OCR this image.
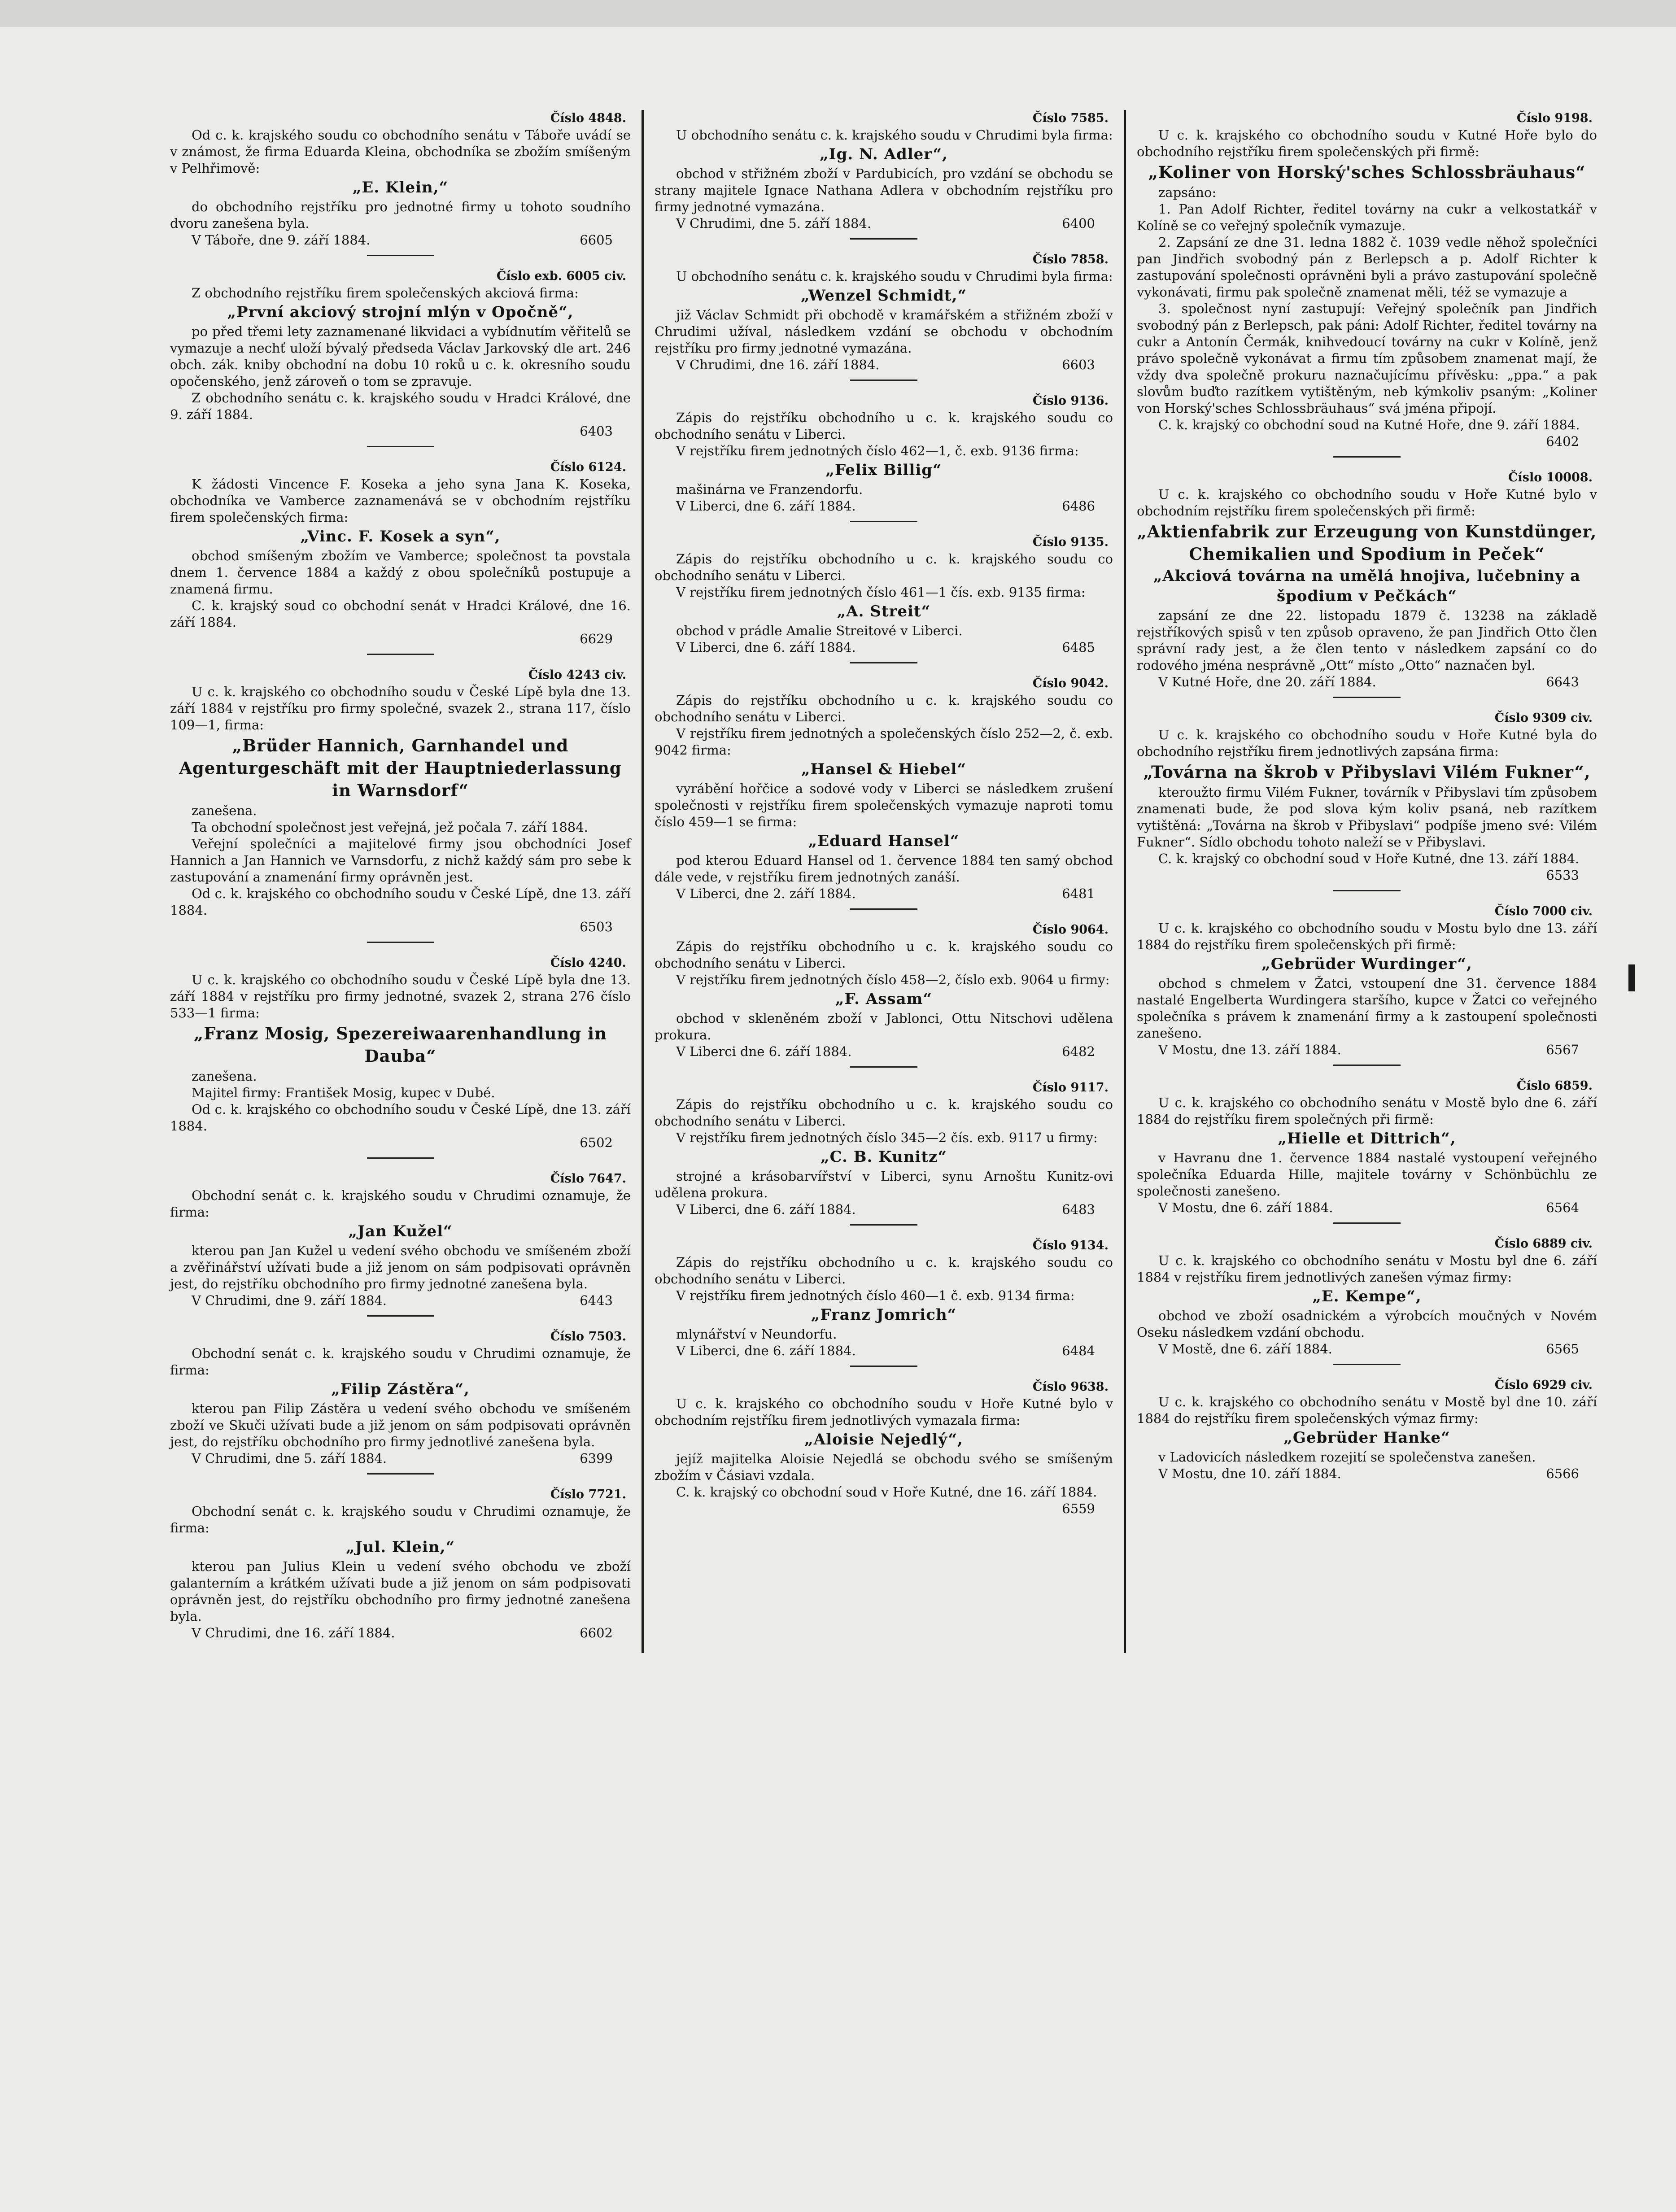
Číslo 4848.

Od c. k. krajského soudu co obchodního senátu v Táboře uvádí se v známost, že firma Eduarda Kleina, obchodníka se zbožím smíšeným v Pelhřimově:

„E. Klein,“

do obchodního rejstříku pro jednotné firmy u tohoto soudního dvoru zanešena byla.

V Táboře, dne 9. září 1884.	6605
Číslo exb. 6005 civ.

Z obchodního rejstříku firem společenských akciová firma:

„První akciový strojní mlýn v Opočně“,

po před třemi lety zaznamenané likvidaci a vybídnutím věřitelů se vymazuje a nechť uloží bývalý předseda Václav Jarkovský dle art. 246 obch. zák. kniby obchodní na dobu 10 roků u c. k. okresního soudu opočenského, jenž zároveň o tom se zpravuje.

Z obchodního senátu c. k. krajského soudu v Hradci Králové, dne 9. září 1884.

6403
Číslo 6124.

K žádosti Vincence F. Koseka a jeho syna Jana K. Koseka, obchodníka ve Vamberce zaznamenává se v obchodním rejstříku firem společenských firma:

„Vinc. F. Kosek a syn“,

obchod smíšeným zbožím ve Vamberce; společnost ta povstala dnem 1. července 1884 a každý z obou společníků postupuje a znamená firmu.

C. k. krajský soud co obchodní senát v Hradci Králové, dne 16. září 1884.

6629
Číslo 4243 civ.

U c. k. krajského co obchodního soudu v České Lípě byla dne 13. září 1884 v rejstříku pro firmy společné, svazek 2., strana 117, číslo 109—1, firma:

„Brüder Hannich, Garnhandel und Agenturgeschäft mit der Hauptniederlassung in Warnsdorf“

zanešena.

Ta obchodní společnost jest veřejná, jež počala 7. září 1884.

Veřejní společníci a majitelové firmy jsou obchodníci Josef Hannich a Jan Hannich ve Varnsdorfu, z nichž každý sám pro sebe k zastupování a znamenání firmy oprávněn jest.

Od c. k. krajského co obchodního soudu v České Lípě, dne 13. září 1884.

6503
Číslo 4240.

U c. k. krajského co obchodního soudu v České Lípě byla dne 13. září 1884 v rejstříku pro firmy jednotné, svazek 2, strana 276 číslo 533—1 firma:

„Franz Mosig, Spezereiwaarenhandlung in Dauba“

zanešena.

Majitel firmy: František Mosig, kupec v Dubé.

Od c. k. krajského co obchodního soudu v České Lípě, dne 13. září 1884.

6502
Číslo 7647.

Obchodní senát c. k. krajského soudu v Chrudimi oznamuje, že firma:

„Jan Kužel“

kterou pan Jan Kužel u vedení svého obchodu ve smíšeném zboží a zvěřinářství užívati bude a již jenom on sám podpisovati oprávněn jest, do rejstříku obchodního pro firmy jednotné zanešena byla.

V Chrudimi, dne 9. září 1884.	6443
Číslo 7503.

Obchodní senát c. k. krajského soudu v Chrudimi oznamuje, že firma:

„Filip Zástěra“,

kterou pan Filip Zástěra u vedení svého obchodu ve smíšeném zboží ve Skuči užívati bude a již jenom on sám podpisovati oprávněn jest, do rejstříku obchodního pro firmy jednotlivé zanešena byla.

V Chrudimi, dne 5. září 1884.	6399
Číslo 7721.

Obchodní senát c. k. krajského soudu v Chrudimi oznamuje, že firma:

„Jul. Klein,“

kterou pan Julius Klein u vedení svého obchodu ve zboží galanterním a krátkém užívati bude a již jenom on sám podpisovati oprávněn jest, do rejstříku obchodního pro firmy jednotné zanešena byla.

V Chrudimi, dne 16. září 1884.	6602
Číslo 7585.

U obchodního senátu c. k. krajského soudu v Chrudimi byla firma:

„Ig. N. Adler“,

obchod v střižném zboží v Pardubicích, pro vzdání se obchodu se strany majitele Ignace Nathana Adlera v obchodním rejstříku pro firmy jednotné vymazána.

V Chrudimi, dne 5. září 1884.	6400
Číslo 7858.

U obchodního senátu c. k. krajského soudu v Chrudimi byla firma:

„Wenzel Schmidt,“

již Václav Schmidt při obchodě v kramářském a střižném zboží v Chrudimi užíval, následkem vzdání se obchodu v obchodním rejstříku pro firmy jednotné vymazána.

V Chrudimi, dne 16. září 1884.	6603
Číslo 9136.

Zápis do rejstříku obchodního u c. k. krajského soudu co obchodního senátu v Liberci.

V rejstříku firem jednotných číslo 462—1, č. exb. 9136 firma:

„Felix Billig“

mašinárna ve Franzendorfu.

V Liberci, dne 6. září 1884.	6486
Číslo 9135.

Zápis do rejstříku obchodního u c. k. krajského soudu co obchodního senátu v Liberci.

V rejstříku firem jednotných číslo 461—1 čís. exb. 9135 firma:

„A. Streit“

obchod v prádle Amalie Streitové v Liberci.

V Liberci, dne 6. září 1884.	6485
Číslo 9042.

Zápis do rejstříku obchodního u c. k. krajského soudu co obchodního senátu v Liberci.

V rejstříku firem jednotných a společenských číslo 252—2, č. exb. 9042 firma:

„Hansel & Hiebel“

vyrábění hořčice a sodové vody v Liberci se následkem zrušení společnosti v rejstříku firem společenských vymazuje naproti tomu číslo 459—1 se firma:

„Eduard Hansel“

pod kterou Eduard Hansel od 1. července 1884 ten samý obchod dále vede, v rejstříku firem jednotných zanáší.

V Liberci, dne 2. září 1884.	6481
Číslo 9064.

Zápis do rejstříku obchodního u c. k. krajského soudu co obchodního senátu v Liberci.

V rejstříku firem jednotných číslo 458—2, číslo exb. 9064 u firmy:

„F. Assam“

obchod v skleněném zboží v Jablonci, Ottu Nitschovi udělena prokura.

V Liberci dne 6. září 1884.	6482
Číslo 9117.

Zápis do rejstříku obchodního u c. k. krajského soudu co obchodního senátu v Liberci.

V rejstříku firem jednotných číslo 345—2 čís. exb. 9117 u firmy:

„C. B. Kunitz“

strojné a krásobarvířství v Liberci, synu Arnoštu Kunitz-ovi udělena prokura.

V Liberci, dne 6. září 1884.	6483
Číslo 9134.

Zápis do rejstříku obchodního u c. k. krajského soudu co obchodního senátu v Liberci.

V rejstříku firem jednotných číslo 460—1 č. exb. 9134 firma:

„Franz Jomrich“

mlynářství v Neundorfu.

V Liberci, dne 6. září 1884.	6484
Číslo 9638.

U c. k. krajského co obchodního soudu v Hoře Kutné bylo v obchodním rejstříku firem jednotlivých vymazala firma:

„Aloisie Nejedlý“,

jejíž majitelka Aloisie Nejedlá se obchodu svého se smíšeným zbožím v Čásiavi vzdala.

C. k. krajský co obchodní soud v Hoře Kutné, dne 16. září 1884.

6559
Číslo 9198.

U c. k. krajského co obchodního soudu v Kutné Hoře bylo do obchodního rejstříku firem společenských při firmě:

„Koliner von Horský'sches Schlossbräuhaus“

zapsáno:

1. Pan Adolf Richter, ředitel továrny na cukr a velkostatkář v Kolíně se co veřejný společník vymazuje.

2. Zapsání ze dne 31. ledna 1882 č. 1039 vedle něhož společníci pan Jindřich svobodný pán z Berlepsch a p. Adolf Richter k zastupování společnosti oprávněni byli a právo zastupování společně vykonávati, firmu pak společně znamenat měli, též se vymazuje a

3. společnost nyní zastupují: Veřejný společník pan Jindřich svobodný pán z Berlepsch, pak páni: Adolf Richter, ředitel továrny na cukr a Antonín Čermák, knihvedoucí továrny na cukr v Kolíně, jenž právo společně vykonávat a firmu tím způsobem znamenat mají, že vždy dva společně prokuru naznačujícímu přívěsku: „ppa.“ a pak slovům buďto razítkem vytištěným, neb kýmkoliv psaným: „Koliner von Horský'sches Schlossbräuhaus“ svá jména připojí.

C. k. krajský co obchodní soud na Kutné Hoře, dne 9. září 1884.

6402
Číslo 10008.

U c. k. krajského co obchodního soudu v Hoře Kutné bylo v obchodním rejstříku firem společenských při firmě:

„Aktienfabrik zur Erzeugung von Kunstdünger, Chemikalien und Spodium in Peček“
„Akciová továrna na umělá hnojiva, lučebniny a špodium v Pečkách“

zapsání ze dne 22. listopadu 1879 č. 13238 na základě rejstříkových spisů v ten způsob opraveno, že pan Jindřich Otto člen správní rady jest, a že člen tento v následkem zapsání co do rodového jména nesprávně „Ott“ místo „Otto“ naznačen byl.

V Kutné Hoře, dne 20. září 1884.	6643
Číslo 9309 civ.

U c. k. krajského co obchodního soudu v Hoře Kutné byla do obchodního rejstříku firem jednotlivých zapsána firma:

„Továrna na škrob v Přibyslavi Vilém Fukner“,

kteroužto firmu Vilém Fukner, továrník v Přibyslavi tím způsobem znamenati bude, že pod slova kým koliv psaná, neb razítkem vytištěná: „Továrna na škrob v Přibyslavi“ podpíše jmeno své: Vilém Fukner“. Sídlo obchodu tohoto naleží se v Přibyslavi.

C. k. krajský co obchodní soud v Hoře Kutné, dne 13. září 1884.

6533
Číslo 7000 civ.

U c. k. krajského co obchodního soudu v Mostu bylo dne 13. září 1884 do rejstříku firem společenských při firmě:

„Gebrüder Wurdinger“,

obchod s chmelem v Žatci, vstoupení dne 31. července 1884 nastalé Engelberta Wurdingera staršího, kupce v Žatci co veřejného společníka s právem k znamenání firmy a k zastoupení společnosti zanešeno.

V Mostu, dne 13. září 1884.	6567
Číslo 6859.

U c. k. krajského co obchodního senátu v Mostě bylo dne 6. září 1884 do rejstříku firem společných při firmě:

„Hielle et Dittrich“,

v Havranu dne 1. července 1884 nastalé vystoupení veřejného společníka Eduarda Hille, majitele továrny v Schönbüchlu ze společnosti zanešeno.

V Mostu, dne 6. září 1884.	6564
Číslo 6889 civ.

U c. k. krajského co obchodního senátu v Mostu byl dne 6. září 1884 v rejstříku firem jednotlivých zanešen výmaz firmy:

„E. Kempe“,

obchod ve zboží osadnickém a výrobcích moučných v Novém Oseku následkem vzdání obchodu.

V Mostě, dne 6. září 1884.	6565
Číslo 6929 civ.

U c. k. krajského co obchodního senátu v Mostě byl dne 10. září 1884 do rejstříku firem společenských výmaz firmy:

„Gebrüder Hanke“

v Ladovicích následkem rozejití se společenstva zanešen.

V Mostu, dne 10. září 1884.	6566
